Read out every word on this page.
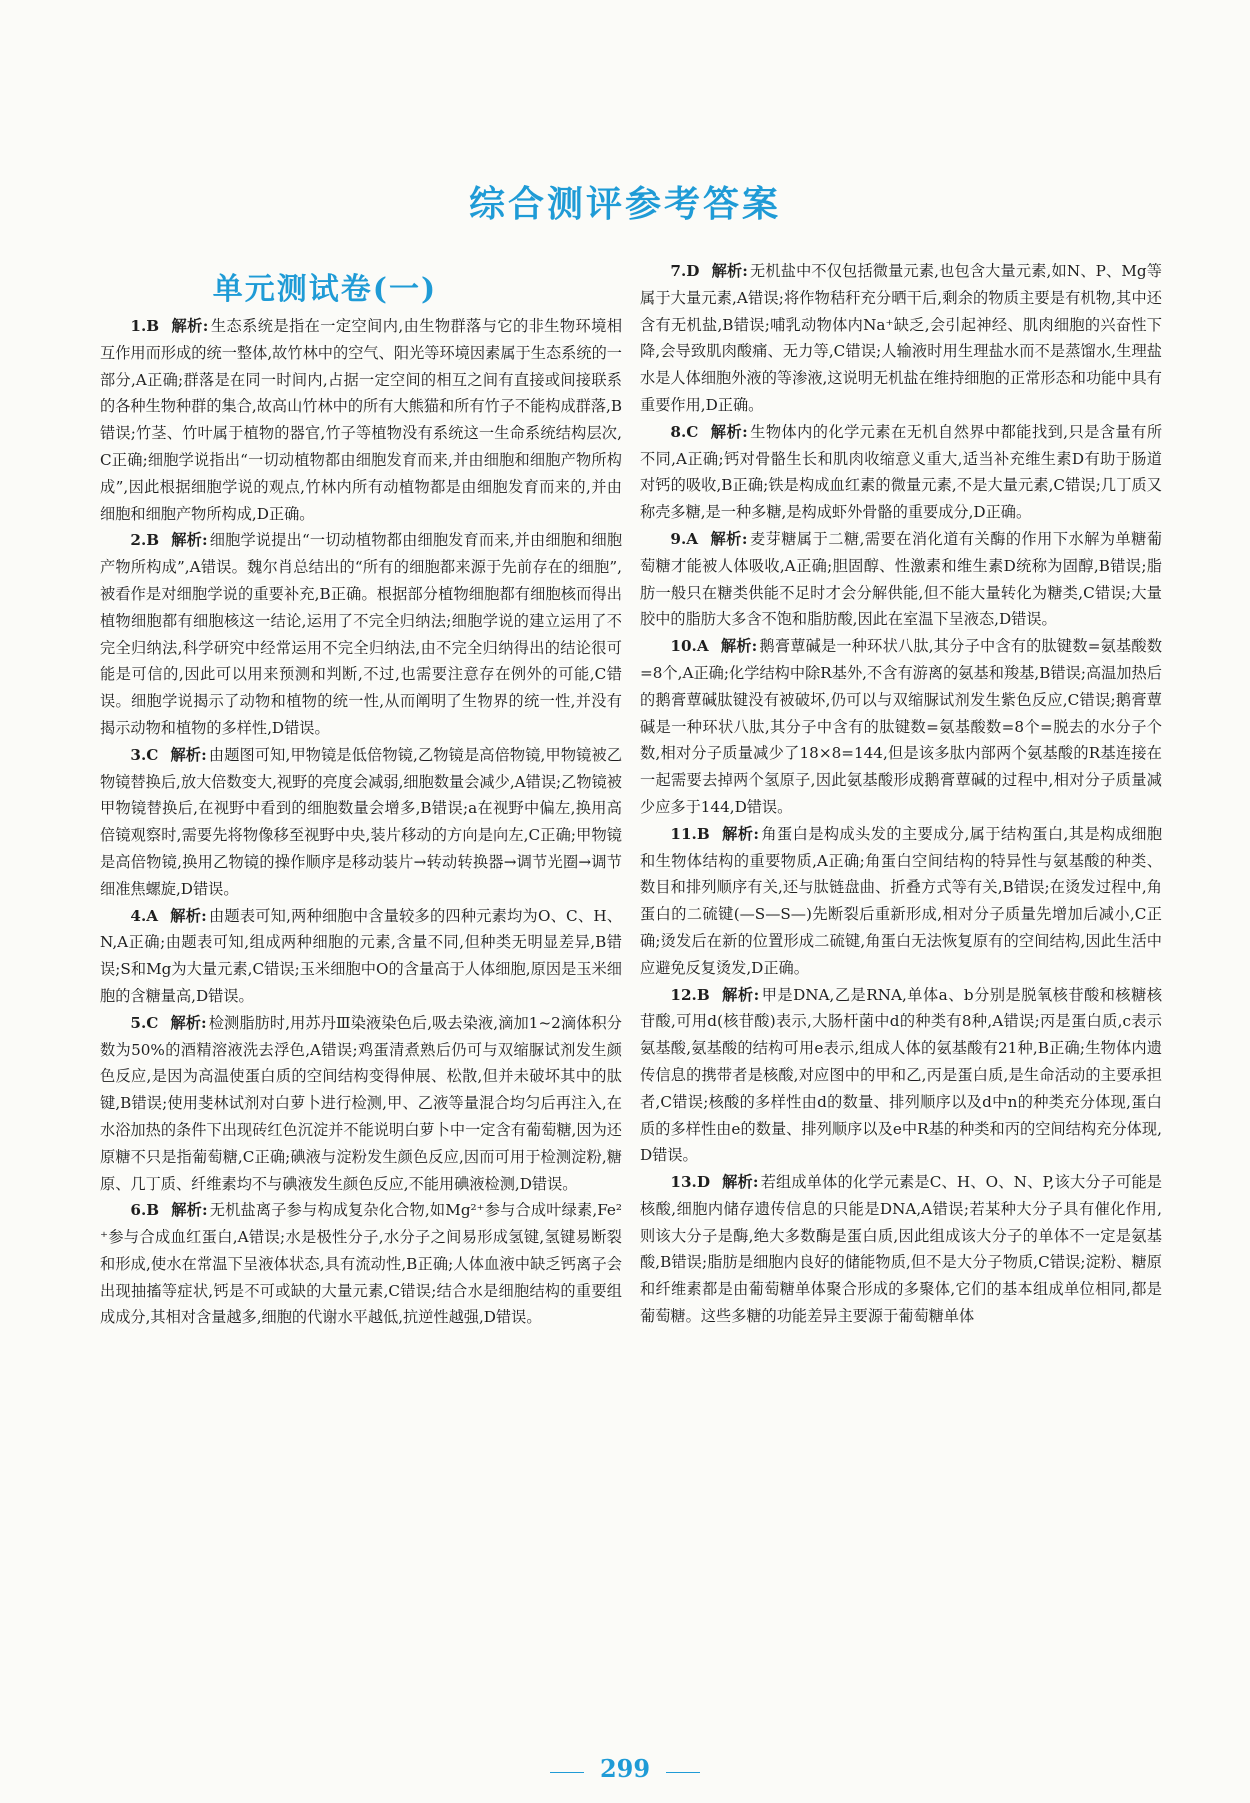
综合测评参考答案
单元测试卷(一)

1.B 解析: 生态系统是指在一定空间内,由生物群落与它的非生物环境相互作用而形成的统一整体,故竹林中的空气、阳光等环境因素属于生态系统的一部分,A正确;群落是在同一时间内,占据一定空间的相互之间有直接或间接联系的各种生物种群的集合,故高山竹林中的所有大熊猫和所有竹子不能构成群落,B错误;竹茎、竹叶属于植物的器官,竹子等植物没有系统这一生命系统结构层次,C正确;细胞学说指出“一切动植物都由细胞发育而来,并由细胞和细胞产物所构成”,因此根据细胞学说的观点,竹林内所有动植物都是由细胞发育而来的,并由细胞和细胞产物所构成,D正确。

2.B 解析: 细胞学说提出“一切动植物都由细胞发育而来,并由细胞和细胞产物所构成”,A错误。魏尔肖总结出的“所有的细胞都来源于先前存在的细胞”,被看作是对细胞学说的重要补充,B正确。根据部分植物细胞都有细胞核而得出植物细胞都有细胞核这一结论,运用了不完全归纳法;细胞学说的建立运用了不完全归纳法,科学研究中经常运用不完全归纳法,由不完全归纳得出的结论很可能是可信的,因此可以用来预测和判断,不过,也需要注意存在例外的可能,C错误。细胞学说揭示了动物和植物的统一性,从而阐明了生物界的统一性,并没有揭示动物和植物的多样性,D错误。

3.C 解析: 由题图可知,甲物镜是低倍物镜,乙物镜是高倍物镜,甲物镜被乙物镜替换后,放大倍数变大,视野的亮度会减弱,细胞数量会减少,A错误;乙物镜被甲物镜替换后,在视野中看到的细胞数量会增多,B错误;a在视野中偏左,换用高倍镜观察时,需要先将物像移至视野中央,装片移动的方向是向左,C正确;甲物镜是高倍物镜,换用乙物镜的操作顺序是移动装片→转动转换器→调节光圈→调节细准焦螺旋,D错误。

4.A 解析: 由题表可知,两种细胞中含量较多的四种元素均为O、C、H、N,A正确;由题表可知,组成两种细胞的元素,含量不同,但种类无明显差异,B错误;S和Mg为大量元素,C错误;玉米细胞中O的含量高于人体细胞,原因是玉米细胞的含糖量高,D错误。

5.C 解析: 检测脂肪时,用苏丹Ⅲ染液染色后,吸去染液,滴加1~2滴体积分数为50%的酒精溶液洗去浮色,A错误;鸡蛋清煮熟后仍可与双缩脲试剂发生颜色反应,是因为高温使蛋白质的空间结构变得伸展、松散,但并未破坏其中的肽键,B错误;使用斐林试剂对白萝卜进行检测,甲、乙液等量混合均匀后再注入,在水浴加热的条件下出现砖红色沉淀并不能说明白萝卜中一定含有葡萄糖,因为还原糖不只是指葡萄糖,C正确;碘液与淀粉发生颜色反应,因而可用于检测淀粉,糖原、几丁质、纤维素均不与碘液发生颜色反应,不能用碘液检测,D错误。

6.B 解析: 无机盐离子参与构成复杂化合物,如Mg²⁺参与合成叶绿素,Fe²⁺参与合成血红蛋白,A错误;水是极性分子,水分子之间易形成氢键,氢键易断裂和形成,使水在常温下呈液体状态,具有流动性,B正确;人体血液中缺乏钙离子会出现抽搐等症状,钙是不可或缺的大量元素,C错误;结合水是细胞结构的重要组成成分,其相对含量越多,细胞的代谢水平越低,抗逆性越强,D错误。

7.D 解析: 无机盐中不仅包括微量元素,也包含大量元素,如N、P、Mg等属于大量元素,A错误;将作物秸秆充分晒干后,剩余的物质主要是有机物,其中还含有无机盐,B错误;哺乳动物体内Na⁺缺乏,会引起神经、肌肉细胞的兴奋性下降,会导致肌肉酸痛、无力等,C错误;人输液时用生理盐水而不是蒸馏水,生理盐水是人体细胞外液的等渗液,这说明无机盐在维持细胞的正常形态和功能中具有重要作用,D正确。

8.C 解析: 生物体内的化学元素在无机自然界中都能找到,只是含量有所不同,A正确;钙对骨骼生长和肌肉收缩意义重大,适当补充维生素D有助于肠道对钙的吸收,B正确;铁是构成血红素的微量元素,不是大量元素,C错误;几丁质又称壳多糖,是一种多糖,是构成虾外骨骼的重要成分,D正确。

9.A 解析: 麦芽糖属于二糖,需要在消化道有关酶的作用下水解为单糖葡萄糖才能被人体吸收,A正确;胆固醇、性激素和维生素D统称为固醇,B错误;脂肪一般只在糖类供能不足时才会分解供能,但不能大量转化为糖类,C错误;大量胶中的脂肪大多含不饱和脂肪酸,因此在室温下呈液态,D错误。

10.A 解析: 鹅膏蕈碱是一种环状八肽,其分子中含有的肽键数=氨基酸数=8个,A正确;化学结构中除R基外,不含有游离的氨基和羧基,B错误;高温加热后的鹅膏蕈碱肽键没有被破坏,仍可以与双缩脲试剂发生紫色反应,C错误;鹅膏蕈碱是一种环状八肽,其分子中含有的肽键数=氨基酸数=8个=脱去的水分子个数,相对分子质量减少了18×8=144,但是该多肽内部两个氨基酸的R基连接在一起需要去掉两个氢原子,因此氨基酸形成鹅膏蕈碱的过程中,相对分子质量减少应多于144,D错误。

11.B 解析: 角蛋白是构成头发的主要成分,属于结构蛋白,其是构成细胞和生物体结构的重要物质,A正确;角蛋白空间结构的特异性与氨基酸的种类、数目和排列顺序有关,还与肽链盘曲、折叠方式等有关,B错误;在烫发过程中,角蛋白的二硫键(—S—S—)先断裂后重新形成,相对分子质量先增加后减小,C正确;烫发后在新的位置形成二硫键,角蛋白无法恢复原有的空间结构,因此生活中应避免反复烫发,D正确。

12.B 解析: 甲是DNA,乙是RNA,单体a、b分别是脱氧核苷酸和核糖核苷酸,可用d(核苷酸)表示,大肠杆菌中d的种类有8种,A错误;丙是蛋白质,c表示氨基酸,氨基酸的结构可用e表示,组成人体的氨基酸有21种,B正确;生物体内遗传信息的携带者是核酸,对应图中的甲和乙,丙是蛋白质,是生命活动的主要承担者,C错误;核酸的多样性由d的数量、排列顺序以及d中n的种类充分体现,蛋白质的多样性由e的数量、排列顺序以及e中R基的种类和丙的空间结构充分体现,D错误。

13.D 解析: 若组成单体的化学元素是C、H、O、N、P,该大分子可能是核酸,细胞内储存遗传信息的只能是DNA,A错误;若某种大分子具有催化作用,则该大分子是酶,绝大多数酶是蛋白质,因此组成该大分子的单体不一定是氨基酸,B错误;脂肪是细胞内良好的储能物质,但不是大分子物质,C错误;淀粉、糖原和纤维素都是由葡萄糖单体聚合形成的多聚体,它们的基本组成单位相同,都是葡萄糖。这些多糖的功能差异主要源于葡萄糖单体

299
